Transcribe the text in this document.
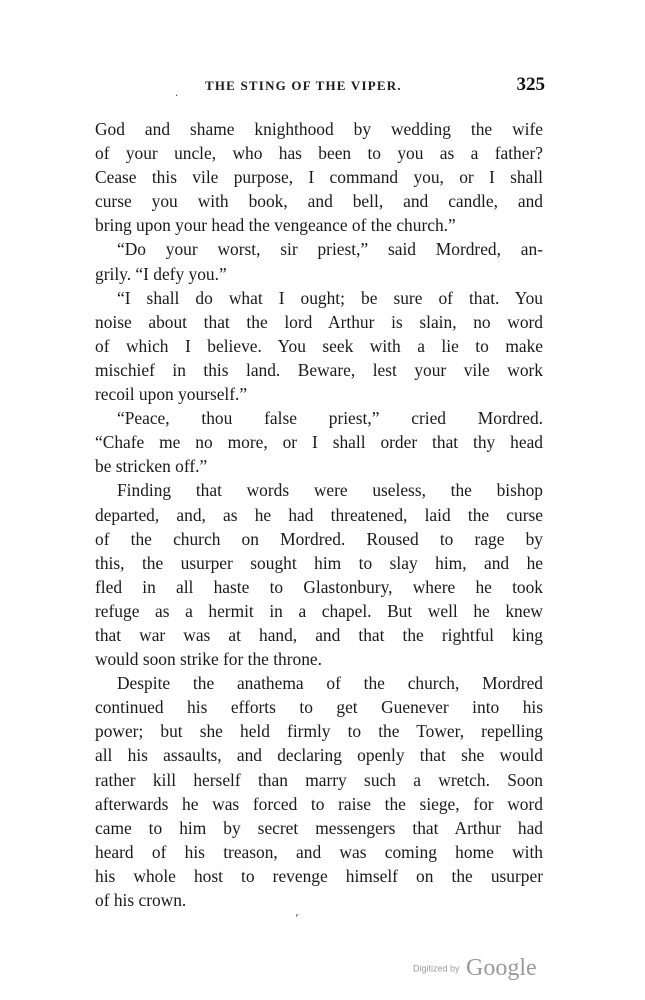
.
THE STING OF THE VIPER.	325
God and shame knighthood by wedding the wife
of your uncle, who has been to you as a father?
Cease this vile purpose, I command you, or I shall
curse you with book, and bell, and candle, and
bring upon your head the vengeance of the church.”
“Do your worst, sir priest,” said Mordred, an-
grily. “I defy you.”
“I shall do what I ought; be sure of that. You
noise about that the lord Arthur is slain, no word
of which I believe. You seek with a lie to make
mischief in this land. Beware, lest your vile work
recoil upon yourself.”
“Peace, thou false priest,” cried Mordred.
“Chafe me no more, or I shall order that thy head
be stricken off.”
Finding that words were useless, the bishop
departed, and, as he had threatened, laid the curse
of the church on Mordred. Roused to rage by
this, the usurper sought him to slay him, and he
fled in all haste to Glastonbury, where he took
refuge as a hermit in a chapel. But well he knew
that war was at hand, and that the rightful king
would soon strike for the throne.
Despite the anathema of the church, Mordred
continued his efforts to get Guenever into his
power; but she held firmly to the Tower, repelling
all his assaults, and declaring openly that she would
rather kill herself than marry such a wretch. Soon
afterwards he was forced to raise the siege, for word
came to him by secret messengers that Arthur had
heard of his treason, and was coming home with
his whole host to revenge himself on the usurper
of his crown.
‘
Digitized by Google
